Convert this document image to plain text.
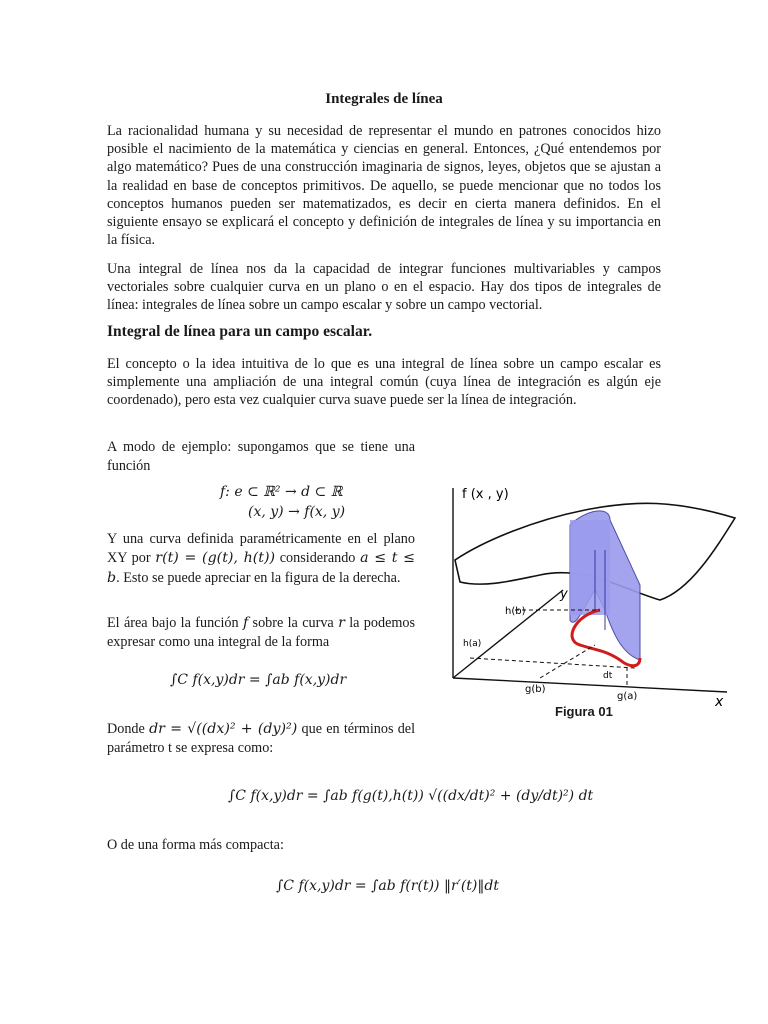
Integrales de línea
La racionalidad humana y su necesidad de representar el mundo en patrones conocidos hizo posible el nacimiento de la matemática y ciencias en general. Entonces, ¿Qué entendemos por algo matemático? Pues de una construcción imaginaria de signos, leyes, objetos que se ajustan a la realidad en base de conceptos primitivos. De aquello, se puede mencionar que no todos los conceptos humanos pueden ser matematizados, es decir en cierta manera definidos. En el siguiente ensayo se explicará el concepto y definición de integrales de línea y su importancia en la física.
Una integral de línea nos da la capacidad de integrar funciones multivariables y campos vectoriales sobre cualquier curva en un plano o en el espacio. Hay dos tipos de integrales de línea: integrales de línea sobre un campo escalar y sobre un campo vectorial.
Integral de línea para un campo escalar.
El concepto o la idea intuitiva de lo que es una integral de línea sobre un campo escalar es simplemente una ampliación de una integral común (cuya línea de integración es algún eje coordenado), pero esta vez cualquier curva suave puede ser la línea de integración.
A modo de ejemplo: supongamos que se tiene una función
f: e ⊂ ℝ² → d ⊂ ℝ
(x, y) → f(x, y)
Y una curva definida paramétricamente en el plano XY por r(t) = (g(t), h(t)) considerando a ≤ t ≤ b. Esto se puede apreciar en la figura de la derecha.
El área bajo la función f sobre la curva r la podemos expresar como una integral de la forma
∫C f(x,y)dr = ∫ab f(x,y)dr
Donde dr = √((dx)² + (dy)²) que en términos del parámetro t se expresa como:
∫C f(x,y)dr = ∫ab f(g(t),h(t)) √((dx/dt)² + (dy/dt)²) dt
O de una forma más compacta:
∫C f(x,y)dr = ∫ab f(r(t)) ‖r′(t)‖dt
f (x , y)
x
y
h(b)
h(a)
g(b)
g(a)
dt
Figura 01
